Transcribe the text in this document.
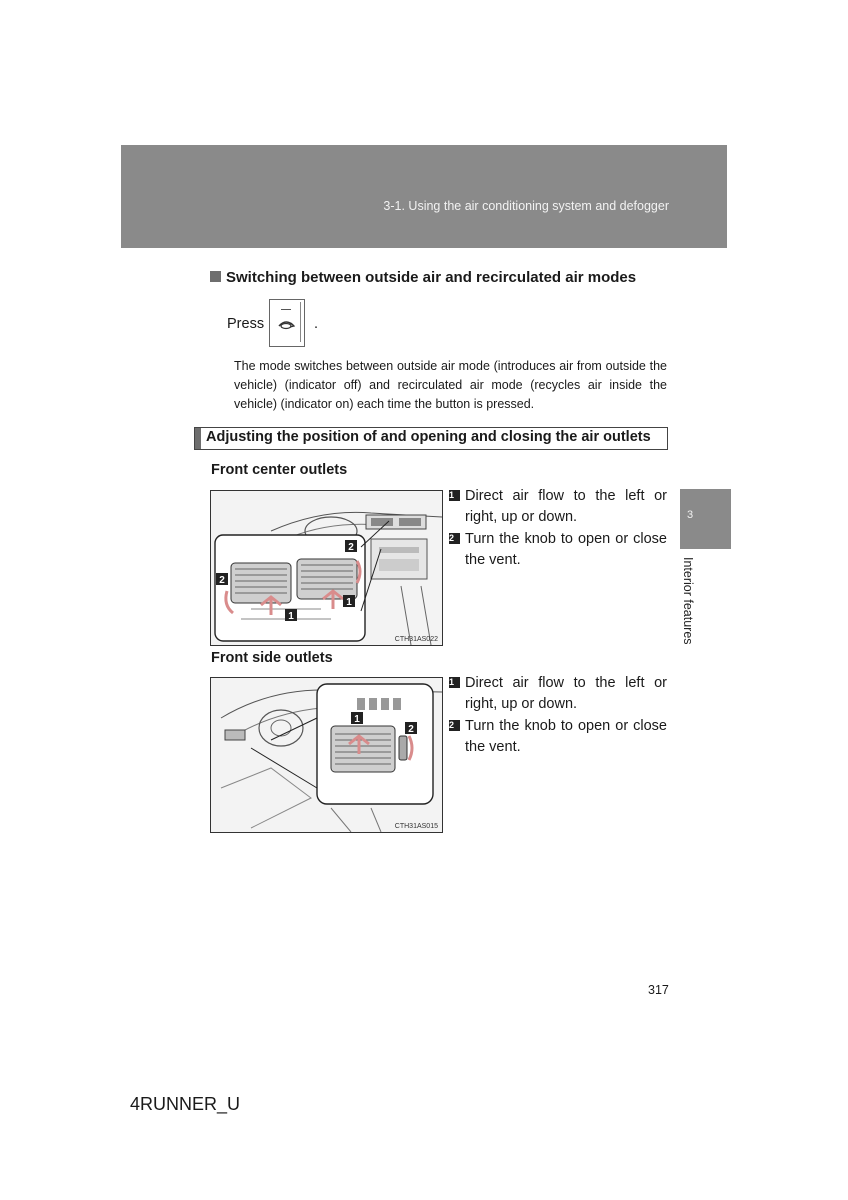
3-1. Using the air conditioning system and defogger
3
Interior features
Switching between outside air and recirculated air modes
Press	.
The mode switches between outside air mode (introduces air from outside the vehicle) (indicator off) and recirculated air mode (recycles air inside the vehicle) (indicator on) each time the button is pressed.
Adjusting the position of and opening and closing the air outlets
Front center outlets
2
2
1
1
CTH31AS022
1 Direct air flow to the left or right, up or down.
2 Turn the knob to open or close the vent.
Front side outlets
1
2
CTH31AS015
1 Direct air flow to the left or right, up or down.
2 Turn the knob to open or close the vent.
317
4RUNNER_U
